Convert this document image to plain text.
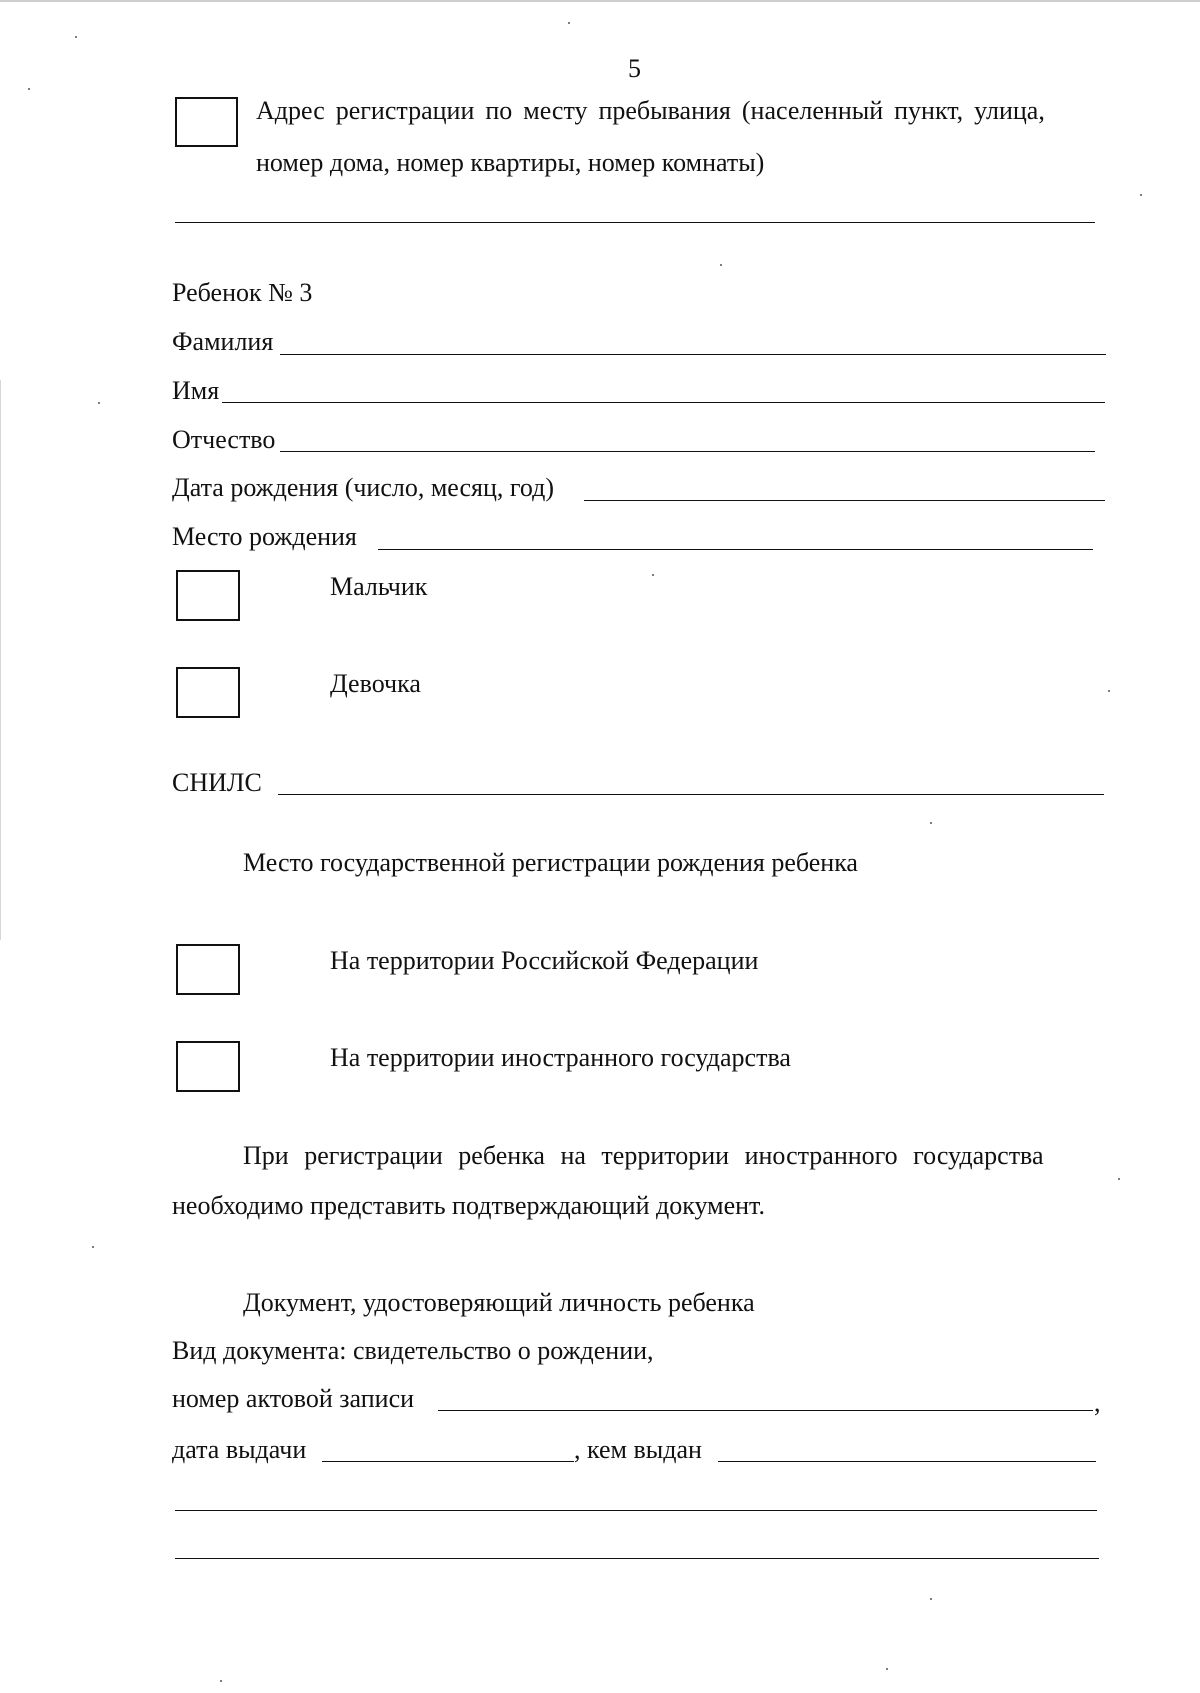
5
Адрес регистрации по месту пребывания (населенный пункт, улица,
номер дома, номер квартиры, номер комнаты)
Ребенок № 3
Фамилия
Имя
Отчество
Дата рождения (число, месяц, год)
Место рождения
Мальчик
Девочка
СНИЛС
Место государственной регистрации рождения ребенка
На территории Российской Федерации
На территории иностранного государства
При регистрации ребенка на территории иностранного государства
необходимо представить подтверждающий документ.
Документ, удостоверяющий личность ребенка
Вид документа: свидетельство о рождении,
номер актовой записи	,
дата выдачи	, кем выдан
